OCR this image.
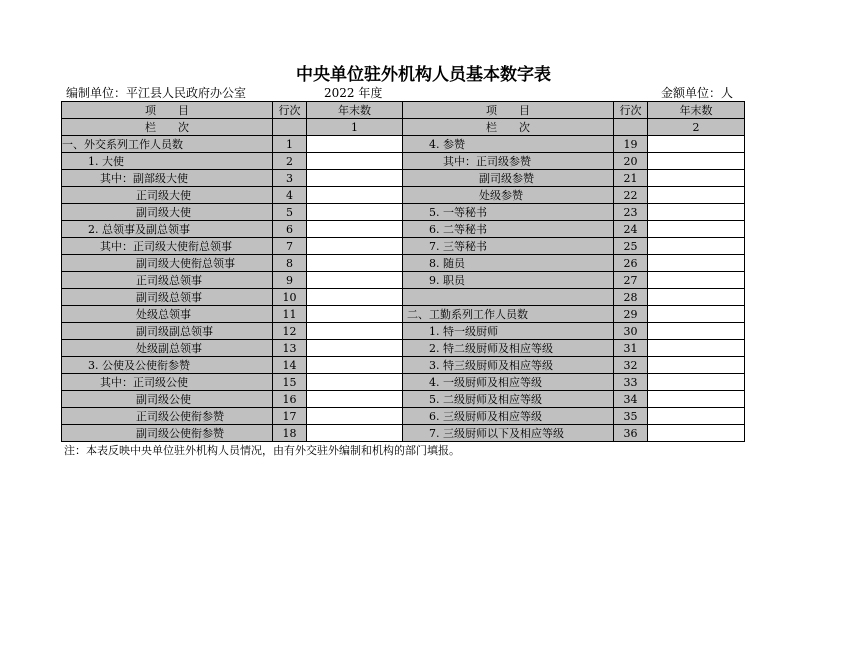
中央单位驻外机构人员基本数字表
编制单位：平江县人民政府办公室	2022 年度	金额单位：人
项　　目	行次	年末数	项　　目	行次	年末数
栏　　次		1	栏　　次		2
一、外交系列工作人员数	1		4. 参赞	19	
1. 大使	2		其中：正司级参赞	20	
其中：副部级大使	3		副司级参赞	21	
正司级大使	4		处级参赞	22	
副司级大使	5		5. 一等秘书	23	
2. 总领事及副总领事	6		6. 二等秘书	24	
其中：正司级大使衔总领事	7		7. 三等秘书	25	
副司级大使衔总领事	8		8. 随员	26	
正司级总领事	9		9. 职员	27	
副司级总领事	10			28	
处级总领事	11		二、工勤系列工作人员数	29	
副司级副总领事	12		1. 特一级厨师	30	
处级副总领事	13		2. 特二级厨师及相应等级	31	
3. 公使及公使衔参赞	14		3. 特三级厨师及相应等级	32	
其中：正司级公使	15		4. 一级厨师及相应等级	33	
副司级公使	16		5. 二级厨师及相应等级	34	
正司级公使衔参赞	17		6. 三级厨师及相应等级	35	
副司级公使衔参赞	18		7. 三级厨师以下及相应等级	36	
注：本表反映中央单位驻外机构人员情况，由有外交驻外编制和机构的部门填报。
